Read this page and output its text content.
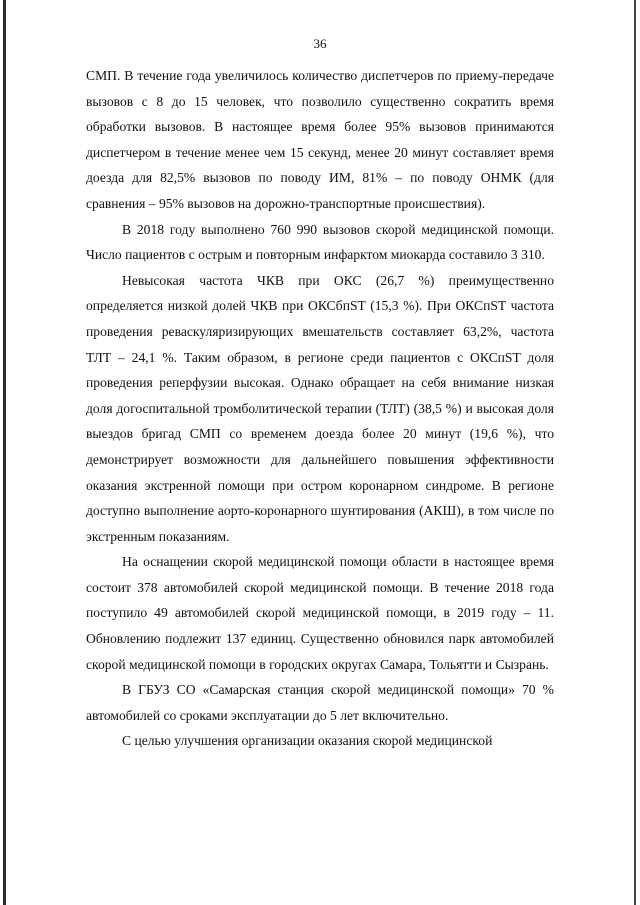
36

СМП. В течение года увеличилось количество диспетчеров по приему-передаче вызовов с 8 до 15 человек, что позволило существенно сократить время обработки вызовов. В настоящее время более 95% вызовов принимаются диспетчером в течение менее чем 15 секунд, менее 20 минут составляет время доезда для 82,5% вызовов по поводу ИМ, 81% – по поводу ОНМК (для сравнения – 95% вызовов на дорожно-транспортные происшествия).

В 2018 году выполнено 760 990 вызовов скорой медицинской помощи. Число пациентов с острым и повторным инфарктом миокарда составило 3 310.

Невысокая частота ЧКВ при ОКС (26,7 %) преимущественно определяется низкой долей ЧКВ при ОКСбпST (15,3 %). При ОКСпST частота проведения реваскуляризирующих вмешательств составляет 63,2%, частота ТЛТ – 24,1 %. Таким образом, в регионе среди пациентов с ОКСпST доля проведения реперфузии высокая. Однако обращает на себя внимание низкая доля догоспитальной тромболитической терапии (ТЛТ) (38,5 %) и высокая доля выездов бригад СМП со временем доезда более 20 минут (19,6 %), что демонстрирует возможности для дальнейшего повышения эффективности оказания экстренной помощи при остром коронарном синдроме. В регионе доступно выполнение аорто-коронарного шунтирования (АКШ), в том числе по экстренным показаниям.

На оснащении скорой медицинской помощи области в настоящее время состоит 378 автомобилей скорой медицинской помощи. В течение 2018 года поступило 49 автомобилей скорой медицинской помощи, в 2019 году – 11. Обновлению подлежит 137 единиц. Существенно обновился парк автомобилей скорой медицинской помощи в городских округах Самара, Тольятти и Сызрань.

В ГБУЗ СО «Самарская станция скорой медицинской помощи» 70 % автомобилей со сроками эксплуатации до 5 лет включительно.

С целью улучшения организации оказания скорой медицинской
